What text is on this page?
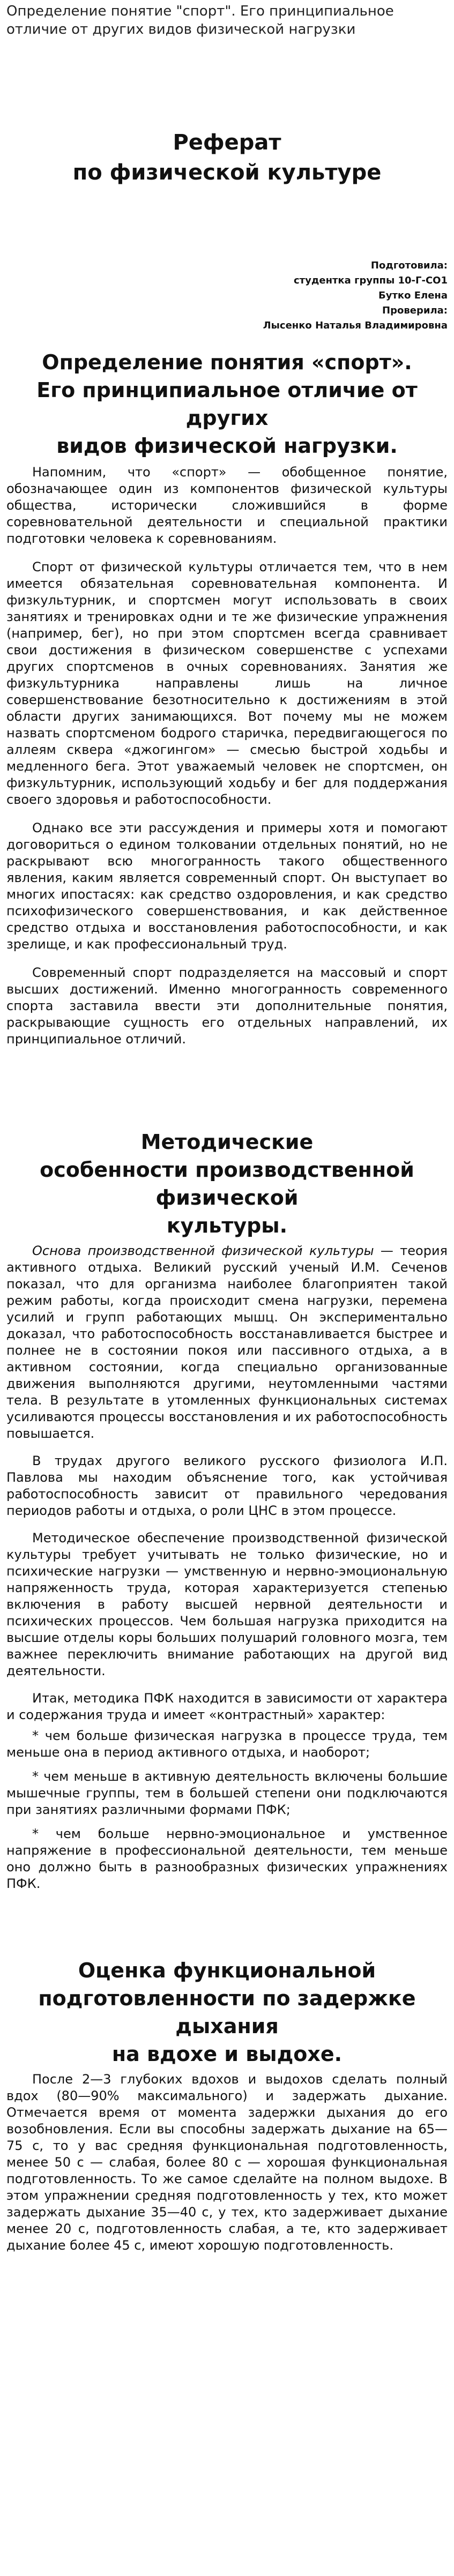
Определение понятие "спорт". Его принципиальное отличие от других видов физической нагрузки
Реферат
по физической культуре
Подготовила:
студентка группы 10-Г-СО1
Бутко Елена
Проверила:
Лысенко Наталья Владимировна
Определение понятия «спорт».
Его принципиальное отличие от других
видов физической нагрузки.

Напомним, что «спорт» — обобщенное понятие, обозначающее один из компонентов физической культуры общества, исторически сложившийся в форме соревновательной деятельности и специальной практики подготовки человека к соревнованиям.

Спорт от физической культуры отличается тем, что в нем имеется обязательная соревновательная компонента. И физкультурник, и спортсмен могут использовать в своих занятиях и тренировках одни и те же физические упражнения (например, бег), но при этом спортсмен всегда сравнивает свои достижения в физическом совершенстве с успехами других спортсменов в очных соревнованиях. Занятия же физкультурника направлены лишь на личное совершенствование безотносительно к достижениям в этой области других занимающихся. Вот почему мы не можем назвать спортсменом бодрого старичка, передвигающегося по аллеям сквера «джогингом» — смесью быстрой ходьбы и медленного бега. Этот уважаемый человек не спортсмен, он физкультурник, использующий ходьбу и бег для поддержания своего здоровья и работоспособности.

Однако все эти рассуждения и примеры хотя и помогают договориться о едином толковании отдельных понятий, но не раскрывают всю многогранность такого общественного явления, каким является современный спорт. Он выступает во многих ипостасях: как средство оздоровления, и как средство психофизического совершенствования, и как действенное средство отдыха и восстановления работоспособности, и как зрелище, и как профессиональный труд.

Современный спорт подразделяется на массовый и спорт высших достижений. Именно многогранность современного спорта заставила ввести эти дополнительные понятия, раскрывающие сущность его отдельных направлений, их принципиальное отличий.

Методические
особенности производственной физической
культуры.

Основа производственной физической культуры — теория активного отдыха. Великий русский ученый И.М. Сеченов показал, что для организма наиболее благоприятен такой режим работы, когда происходит смена нагрузки, перемена усилий и групп работающих мышц. Он экспериментально доказал, что работоспособность восстанавливается быстрее и полнее не в состоянии покоя или пассивного отдыха, а в активном состоянии, когда специально организованные движения выполняются другими, неутомленными частями тела. В результате в утомленных функциональных системах усиливаются процессы восстановления и их работоспособность повышается.

В трудах другого великого русского физиолога И.П. Павлова мы находим объяснение того, как устойчивая работоспособность зависит от правильного чередования периодов работы и отдыха, о роли ЦНС в этом процессе.

Методическое обеспечение производственной физической культуры требует учитывать не только физические, но и психические нагрузки — умственную и нервно-эмоциональную напряженность труда, которая характеризуется степенью включения в работу высшей нервной деятельности и психических процессов. Чем большая нагрузка приходится на высшие отделы коры больших полушарий головного мозга, тем важнее переключить внимание работающих на другой вид деятельности.

Итак, методика ПФК находится в зависимости от характера и содержания труда и имеет «контрастный» характер:

* чем больше физическая нагрузка в процессе труда, тем меньше она в период активного отдыха, и наоборот;

* чем меньше в активную деятельность включены большие мышечные группы, тем в большей степени они подключаются при занятиях различными формами ПФК;

* чем больше нервно-эмоциональное и умственное напряжение в профессиональной деятельности, тем меньше оно должно быть в разнообразных физических упражнениях ПФК.

Оценка функциональной
подготовленности по задержке дыхания
на вдохе и выдохе.

После 2—3 глубоких вдохов и выдохов сделать полный вдох (80—90% максимального) и задержать дыхание. Отмечается время от момента задержки дыхания до его возобновления. Если вы способны задержать дыхание на 65—75 с, то у вас средняя функциональная подготовленность, менее 50 с — слабая, более 80 с — хорошая функциональная подготовленность. То же самое сделайте на полном выдохе. В этом упражнении средняя подготовленность у тех, кто может задержать дыхание 35—40 с, у тех, кто задерживает дыхание менее 20 с, подготовленность слабая, а те, кто задерживает дыхание более 45 с, имеют хорошую подготовленность.
